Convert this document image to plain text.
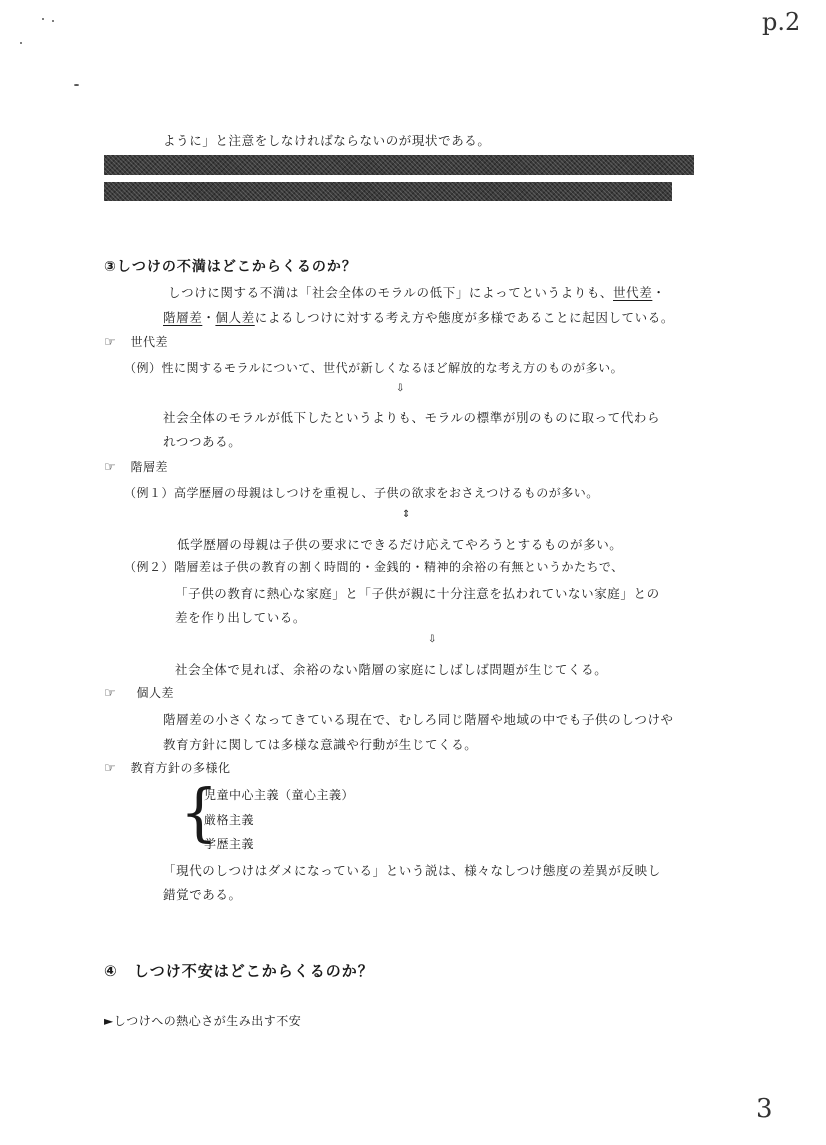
p.2
ように」と注意をしなければならないのが現状である。
③しつけの不満はどこからくるのか？
しつけに関する不満は「社会全体のモラルの低下」によってというよりも、世代差・
階層差・個人差によるしつけに対する考え方や態度が多様であることに起因している。
☞ 世代差
（例）性に関するモラルについて、世代が新しくなるほど解放的な考え方のものが多い。
⇩
社会全体のモラルが低下したというよりも、モラルの標準が別のものに取って代わら
れつつある。
☞ 階層差
（例１）高学歴層の母親はしつけを重視し、子供の欲求をおさえつけるものが多い。
⇕
低学歴層の母親は子供の要求にできるだけ応えてやろうとするものが多い。
（例２）階層差は子供の教育の割く時間的・金銭的・精神的余裕の有無というかたちで、
「子供の教育に熱心な家庭」と「子供が親に十分注意を払われていない家庭」との
差を作り出している。
⇩
社会全体で見れば、余裕のない階層の家庭にしばしば問題が生じてくる。
☞ 個人差
階層差の小さくなってきている現在で、むしろ同じ階層や地域の中でも子供のしつけや
教育方針に関しては多様な意識や行動が生じてくる。
☞ 教育方針の多様化
{
児童中心主義（童心主義）
厳格主義
学歴主義
「現代のしつけはダメになっている」という説は、様々なしつけ態度の差異が反映し
錯覚である。
④　しつけ不安はどこからくるのか？
►しつけへの熱心さが生み出す不安
3
